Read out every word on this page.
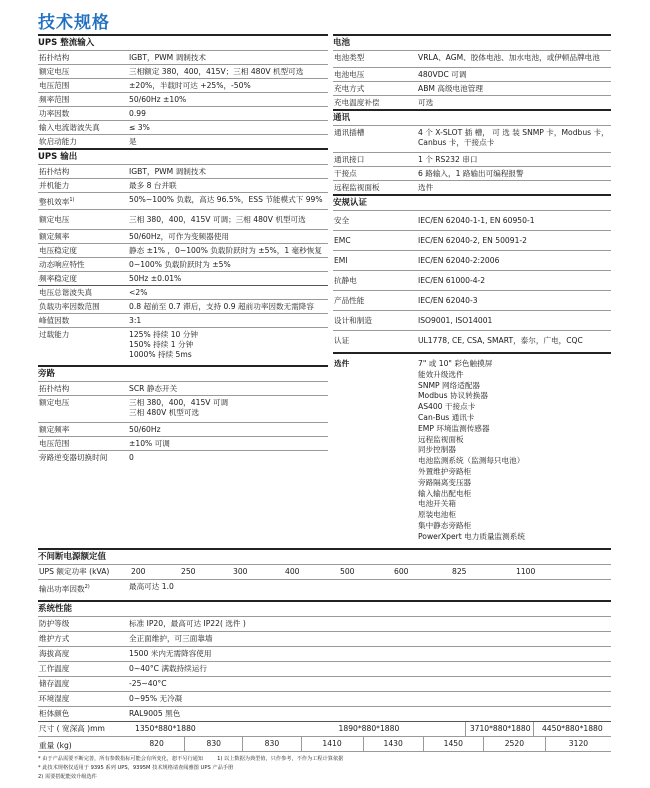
技术规格
UPS 整流输入
拓扑结构	IGBT，PWM 调制技术
额定电压	三相额定 380，400，415V；三相 480V 机型可选
电压范围	±20%，半载时可达 +25%，-50%
频率范围	50/60Hz ±10%
功率因数	0.99
输入电流谐波失真	≤ 3%
软启动能力	是
UPS 输出
拓扑结构	IGBT，PWM 调制技术
并机能力	最多 8 台并联
整机效率$^{1)}$	50%~100% 负载，高达 96.5%，ESS 节能模式下 99%
额定电压	三相 380，400，415V 可调；三相 480V 机型可选
额定频率	50/60Hz，可作为变频器使用
电压稳定度	静态 ±1% ，0~100% 负载阶跃时为 ±5%，1 毫秒恢复
动态响应特性	0~100% 负载阶跃时为 ±5%
频率稳定度	50Hz ±0.01%
电压总谐波失真	<2%
负载功率因数范围	0.8 超前至 0.7 滞后，支持 0.9 超前功率因数无需降容
峰值因数	3:1
过载能力	125% 持续 10 分钟
150% 持续 1 分钟
1000% 持续 5ms
旁路
拓扑结构	SCR 静态开关
额定电压	三相 380，400，415V 可调
三相 480V 机型可选
额定频率	50/60Hz
电压范围	±10% 可调
旁路逆变器切换时间	0
电池
电池类型	VRLA、AGM、胶体电池、加水电池，或伊顿品牌电池
电池电压	480VDC 可调
充电方式	ABM 高级电池管理
充电温度补偿	可选
通讯
通讯插槽	4 个 X-SLOT 插 槽， 可 选 装 SNMP 卡，Modbus 卡，Canbus 卡，干接点卡
通讯接口	1 个 RS232 串口
干接点	6 路输入，1 路输出可编程报警
远程监视面板	选件
安规认证
安全	IEC/EN 62040-1-1, EN 60950-1
EMC	IEC/EN 62040-2, EN 50091-2
EMI	IEC/EN 62040-2:2006
抗静电	IEC/EN 61000-4-2
产品性能	IEC/EN 62040-3
设计和制造	ISO9001, ISO14001
认证	UL1778, CE, CSA, SMART，泰尔，广电，CQC
选件	7" 或 10" 彩色触摸屏
能效升级选件
SNMP 网络适配器
Modbus 协议转换器
AS400 干接点卡
Can-Bus 通讯卡
EMP 环境监测传感器
远程监视面板
同步控制器
电池监测系统（监测每只电池）
外置维护旁路柜
旁路隔离变压器
输入输出配电柜
电池开关箱
原装电池柜
集中静态旁路柜
PowerXpert 电力质量监测系统
不间断电源额定值
UPS 额定功率 (kVA)	200	250	300	400	500	600	825	1100
输出功率因数$^{2)}$	最高可达 1.0
系统性能
防护等级	标准 IP20，最高可达 IP22( 选件 )
维护方式	全正面维护，可三面靠墙
海拔高度	1500 米内无需降容使用
工作温度	0~40°C 满载持续运行
储存温度	-25~40°C
环境湿度	0~95% 无冷凝
柜体颜色	RAL9005 黑色
尺寸 ( 宽深高 )mm	1350*880*1880	1890*880*1880	3710*880*1880	4450*880*1880
重量 (kg)	820	830	830	1410	1430	1450	2520	3120
* 由于产品需要不断完善，所有参数指标可能会有所变化，恕不另行通知	1) 以上数据为典型值，只作参考，不作为工程计算依据
* 此技术规格仅适用于 9395 系列 UPS，9395M 技术规格请查阅雅图 UPS 产品手册
2) 需要搭配能效升级选件
